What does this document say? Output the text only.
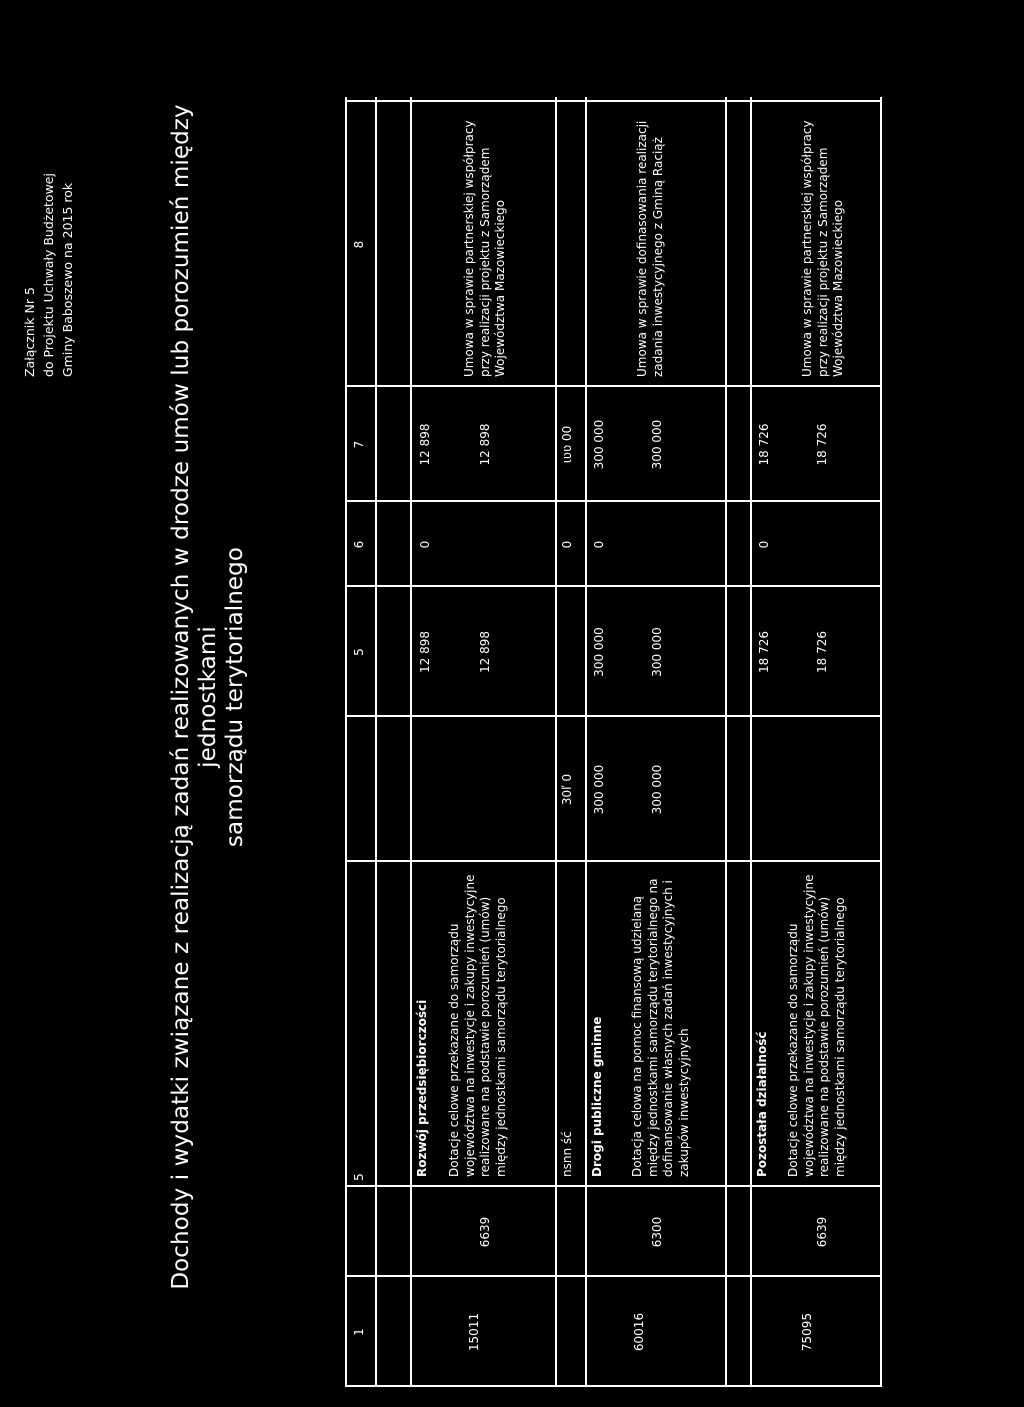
Załącznik Nr 5 do Projektu Uchwały Budżetowej Gminy Baboszewo na 2015 rok	Dochody i wydatki związane z realizacją zadań realizowanych w drodze umów lub porozumień między jednostkami samorządu terytorialnego
1
5
5
6
7
8
15011
Rozwój przedsiębiorczości
12 898
0
12 898
6639
Dotacje celowe przekazane do samorządu województwa na inwestycje i zakupy inwestycyjne realizowane na podstawie porozumień (umów) między jednostkami samorządu terytorialnego
12 898
12 898
Umowa w sprawie partnerskiej współpracy przy realizacji projektu z Samorządem Województwa Mazowieckiego
nsnn ść
30ľ 0
0
ɩʋʋ 00
60016
Drogi publiczne gminne
300 000
300 000
0
300 000
6300
Dotacja celowa na pomoc finansową udzielaną między jednostkami samorządu terytorialnego na dofinansowanie własnych zadań inwestycyjnych i zakupów inwestycyjnych
300 000
300 000
300 000
Umowa w sprawie dofinasowania realizacji zadania inwestycyjnego z Gminą Raciąż
75095
Pozostała działalność
18 726
0
18 726
6639
Dotacje celowe przekazane do samorządu województwa na inwestycje i zakupy inwestycyjne realizowane na podstawie porozumień (umów) między jednostkami samorządu terytorialnego
18 726
18 726
Umowa w sprawie partnerskiej współpracy przy realizacji projektu z Samorządem Województwa Mazowieckiego
